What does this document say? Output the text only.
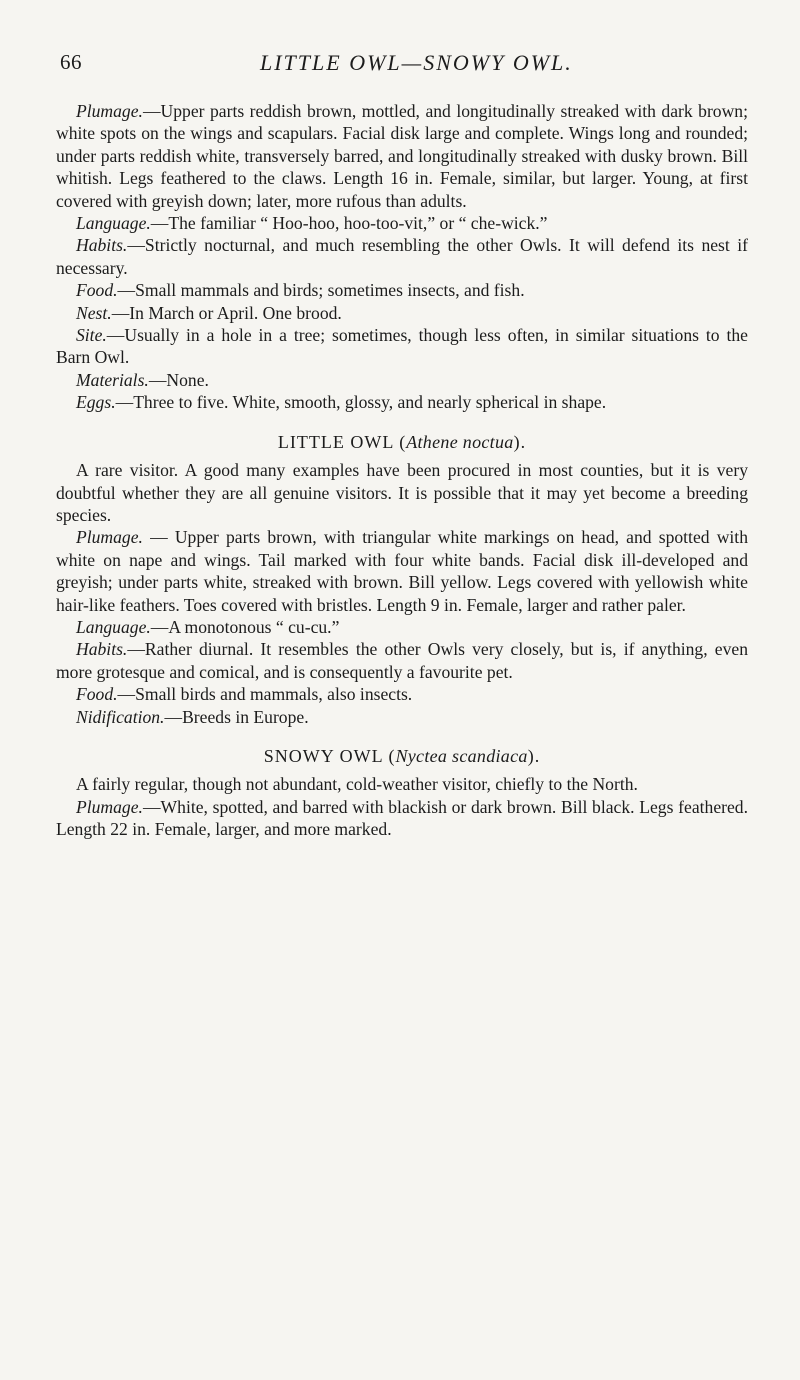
66	LITTLE OWL—SNOWY OWL.

Plumage.—Upper parts reddish brown, mottled, and longitudinally streaked with dark brown; white spots on the wings and scapulars. Facial disk large and complete. Wings long and rounded; under parts reddish white, transversely barred, and longitudinally streaked with dusky brown. Bill whitish. Legs feathered to the claws. Length 16 in. Female, similar, but larger. Young, at first covered with greyish down; later, more rufous than adults.

Language.—The familiar “ Hoo-hoo, hoo-too-vit,” or “ che-wick.”

Habits.—Strictly nocturnal, and much resembling the other Owls. It will defend its nest if necessary.

Food.—Small mammals and birds; sometimes insects, and fish.

Nest.—In March or April. One brood.

Site.—Usually in a hole in a tree; sometimes, though less often, in similar situations to the Barn Owl.

Materials.—None.

Eggs.—Three to five. White, smooth, glossy, and nearly spherical in shape.

LITTLE OWL (Athene noctua).

A rare visitor. A good many examples have been procured in most counties, but it is very doubtful whether they are all genuine visitors. It is possible that it may yet become a breeding species.

Plumage. — Upper parts brown, with triangular white markings on head, and spotted with white on nape and wings. Tail marked with four white bands. Facial disk ill-developed and greyish; under parts white, streaked with brown. Bill yellow. Legs covered with yellowish white hair-like feathers. Toes covered with bristles. Length 9 in. Female, larger and rather paler.

Language.—A monotonous “ cu-cu.”

Habits.—Rather diurnal. It resembles the other Owls very closely, but is, if anything, even more grotesque and comical, and is consequently a favourite pet.

Food.—Small birds and mammals, also insects.

Nidification.—Breeds in Europe.

SNOWY OWL (Nyctea scandiaca).

A fairly regular, though not abundant, cold-weather visitor, chiefly to the North.

Plumage.—White, spotted, and barred with blackish or dark brown. Bill black. Legs feathered. Length 22 in. Female, larger, and more marked.
